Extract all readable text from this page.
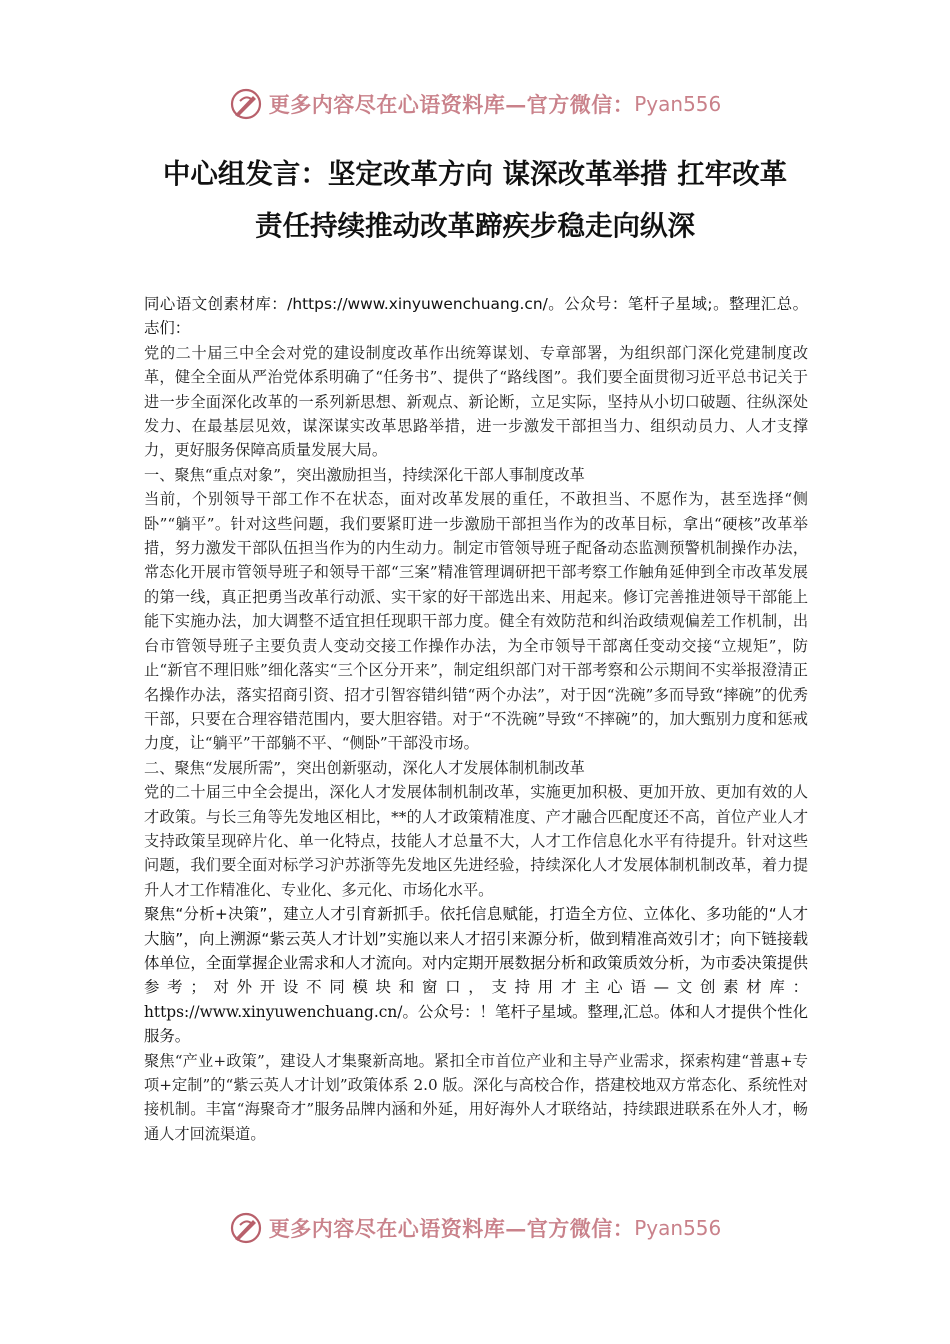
更多内容尽在心语资料库—官方微信： Pyan556
中心组发言：坚定改革方向 谋深改革举措 扛牢改革
责任持续推动改革蹄疾步稳走向纵深

同心语文创素材库：/https://www.xinyuwenchuang.cn/。公众号：笔杆子星域;。整理汇总。志们：

党的二十届三中全会对党的建设制度改革作出统筹谋划、专章部署，为组织部门深化党建制度改革，健全全面从严治党体系明确了“任务书”、提供了“路线图”。我们要全面贯彻习近平总书记关于进一步全面深化改革的一系列新思想、新观点、新论断，立足实际，坚持从小切口破题、往纵深处发力、在最基层见效，谋深谋实改革思路举措，进一步激发干部担当力、组织动员力、人才支撑力，更好服务保障高质量发展大局。

一、聚焦“重点对象”，突出激励担当，持续深化干部人事制度改革

当前，个别领导干部工作不在状态，面对改革发展的重任，不敢担当、不愿作为，甚至选择“侧卧”“躺平”。针对这些问题，我们要紧盯进一步激励干部担当作为的改革目标，拿出“硬核”改革举措，努力激发干部队伍担当作为的内生动力。制定市管领导班子配备动态监测预警机制操作办法，常态化开展市管领导班子和领导干部“三案”精准管理调研把干部考察工作触角延伸到全市改革发展的第一线，真正把勇当改革行动派、实干家的好干部选出来、用起来。修订完善推进领导干部能上能下实施办法，加大调整不适宜担任现职干部力度。健全有效防范和纠治政绩观偏差工作机制，出台市管领导班子主要负责人变动交接工作操作办法，为全市领导干部离任变动交接“立规矩”，防止“新官不理旧账”细化落实“三个区分开来”，制定组织部门对干部考察和公示期间不实举报澄清正名操作办法，落实招商引资、招才引智容错纠错“两个办法”，对于因“洗碗”多而导致“摔碗”的优秀干部，只要在合理容错范围内，要大胆容错。对于“不洗碗”导致“不摔碗”的，加大甄别力度和惩戒力度，让“躺平”干部躺不平、“侧卧”干部没市场。

二、聚焦“发展所需”，突出创新驱动，深化人才发展体制机制改革

党的二十届三中全会提出，深化人才发展体制机制改革，实施更加积极、更加开放、更加有效的人才政策。与长三角等先发地区相比，**的人才政策精准度、产才融合匹配度还不高，首位产业人才支持政策呈现碎片化、单一化特点，技能人才总量不大，人才工作信息化水平有待提升。针对这些问题，我们要全面对标学习沪苏浙等先发地区先进经验，持续深化人才发展体制机制改革，着力提升人才工作精准化、专业化、多元化、市场化水平。

聚焦“分析+决策”，建立人才引育新抓手。依托信息赋能，打造全方位、立体化、多功能的“人才大脑”，向上溯源“紫云英人才计划”实施以来人才招引来源分析，做到精准高效引才；向下链接载体单位，全面掌握企业需求和人才流向。对内定期开展数据分析和政策质效分析，为市委决策提供参考；对外开设不同模块和窗口，支持用才主心语—文创素材库：https://www.xinyuwenchuang.cn/。公众号：！笔杆子星域。整理,汇总。体和人才提供个性化服务。

聚焦“产业+政策”，建设人才集聚新高地。紧扣全市首位产业和主导产业需求，探索构建“普惠+专项+定制”的“紫云英人才计划”政策体系 2.0 版。深化与高校合作，搭建校地双方常态化、系统性对接机制。丰富“海聚奇才”服务品牌内涵和外延，用好海外人才联络站，持续跟进联系在外人才，畅通人才回流渠道。

更多内容尽在心语资料库—官方微信： Pyan556
